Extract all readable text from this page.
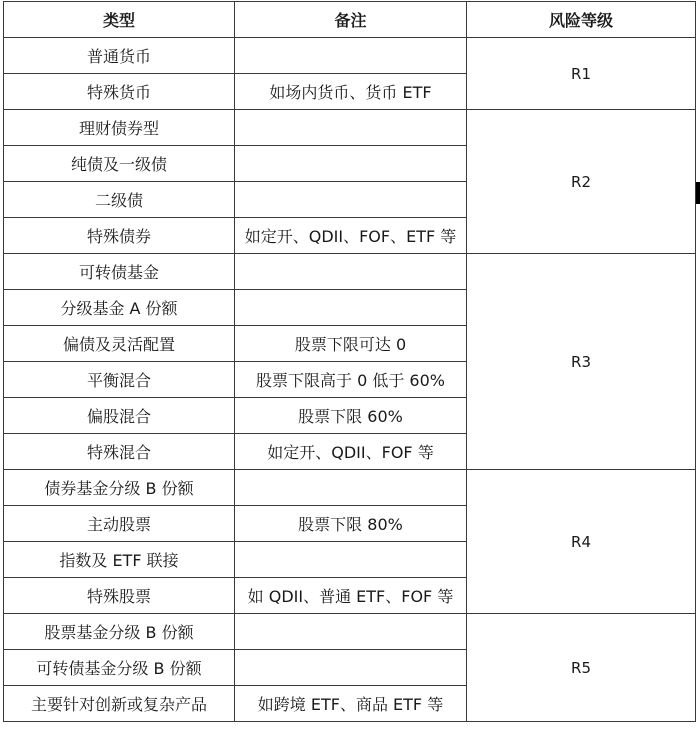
类型	备注	风险等级
普通货币		R1
特殊货币	如场内货币、货币 ETF	
理财债券型		R2
纯债及一级债		
二级债		
特殊债券	如定开、QDII、FOF、ETF 等	
可转债基金		R3
分级基金 A 份额		
偏债及灵活配置	股票下限可达 0	
平衡混合	股票下限高于 0 低于 60%	
偏股混合	股票下限 60%	
特殊混合	如定开、QDII、FOF 等	
债券基金分级 B 份额		R4
主动股票	股票下限 80%	
指数及 ETF 联接		
特殊股票	如 QDII、普通 ETF、FOF 等	
股票基金分级 B 份额		R5
可转债基金分级 B 份额		
主要针对创新或复杂产品	如跨境 ETF、商品 ETF 等	
